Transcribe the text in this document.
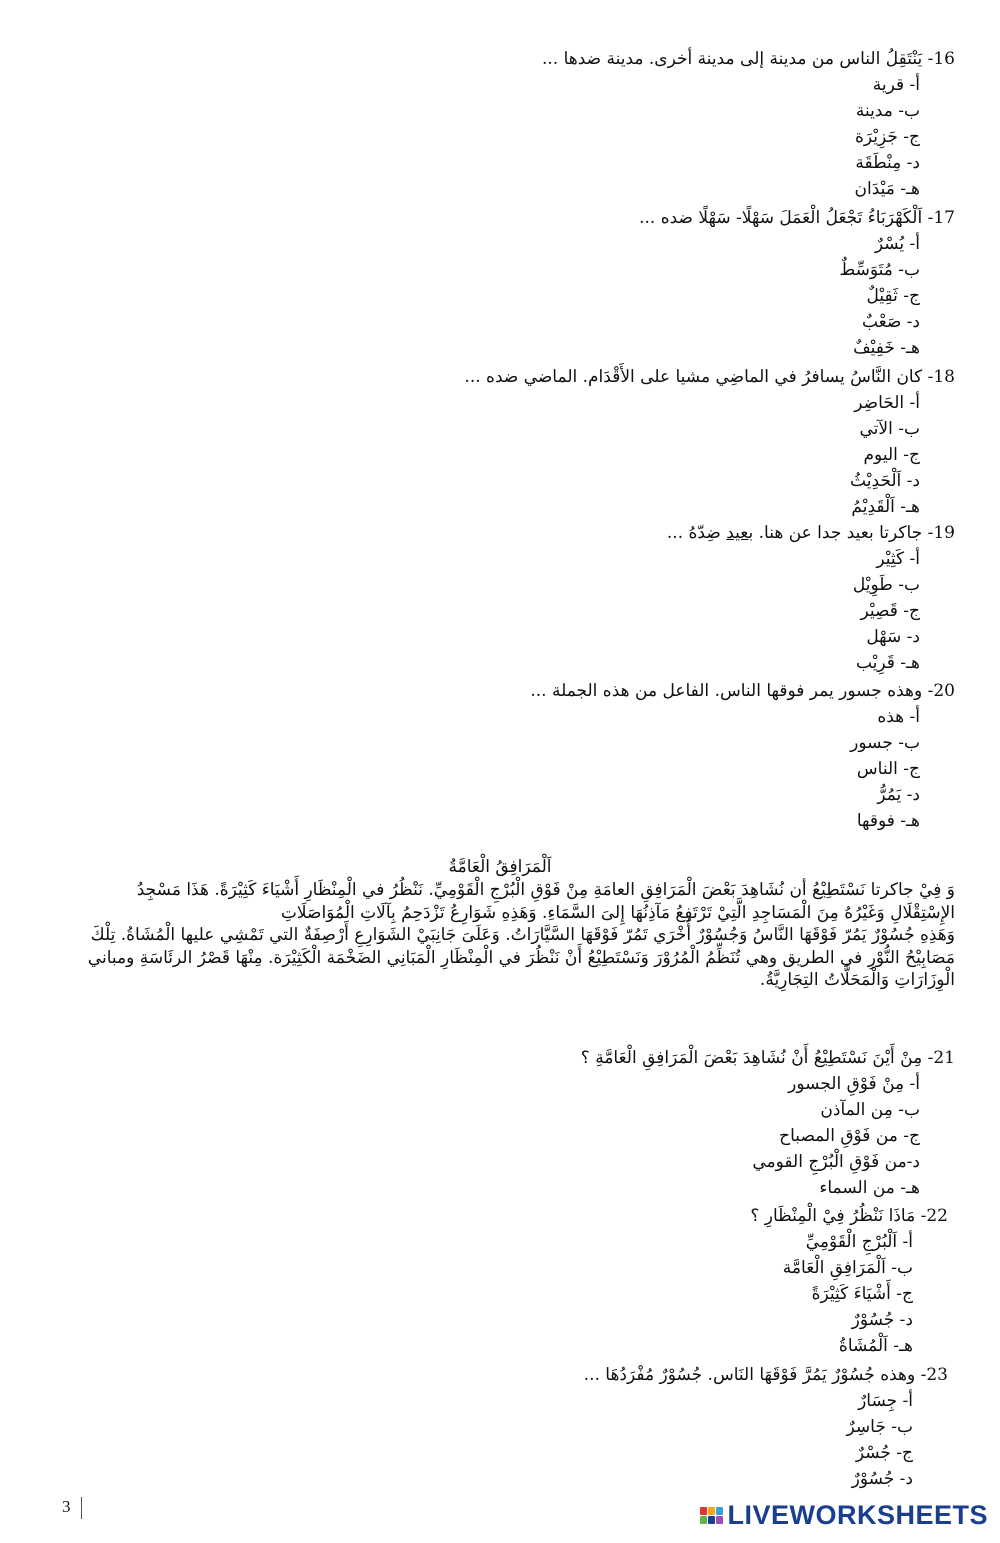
16- يَنْتَقِلُ الناس من مدينة إلى مدينة أخرى. مدينة ضدها ...
أ- قرية
ب- مدينة
ج- جَزِيْرَة
د- مِنْطَقَة
هـ- مَيْدَان
17- اَلْكَهْرَبَاءُ تَجْعَلُ الْعَمَلَ سَهْلًا- سَهْلًا ضده ...
أ- يُسْرٌ
ب- مُتَوَسِّطٌ
ج- ثَقِيْلٌ
د- صَعْبٌ
هـ- خَفِيْفٌ
18- كان النَّاسُ يسافرُ في الماضِي مشيا على الأَقْدَام. الماضي ضده ...
أ- الحَاضِر
ب- الآتي
ج- اليوم
د- اَلْحَدِيْثُ
هـ- اَلْقَدِيْمُ
19- جاكرتا بعيد جدا عن هنا. بعيد ضِدّهُ ...
أ- كَثِيْر
ب- طَوِيْل
ج- قَصِيْر
د- سَهْل
هـ- قَرِيْب
20- وهذه جسور يمر فوقها الناس. الفاعل من هذه الجملة ...
أ- هذه
ب- جسور
ج- الناس
د- يَمُرُّ
هـ- فوقها
اَلْمَرَافِقُ الْعَامَّةُ
وَ فِيْ جاكرتا نَسْتَطِيْعُ أن نُشَاهِدَ بَعْضَ الْمَرَافِقِ العامَةِ مِنْ فَوْقِ الْبُرْجِ الْقَوْمِيِّ. نَنْظُرُ في الْمِنْظَارِ أَشْيَاءَ كَثِيْرَةً. هَذَا مَسْجِدُ
الإِسْتِقْلَالِ وَغَيْرُهُ مِنَ الْمَسَاجِدِ الَّتِيْ تَرْتَفِعُ مَآذِنُهَا إِلىَ السَّمَاءِ. وَهَذِهِ شَوَارِعُ تَزْدَحِمُ بِآلَاتِ الْمُوَاصَلَاتِ
وَهَذِهِ جُسُوْرٌ يَمُرّ فَوْقَهَا النَّاسُ وَجُسُوْرٌ أُخْرَي تَمُرّ فَوْقَهَا السَّيَّارَاتُ. وَعَلَىَ جَانِبَيْ الشَوَارِعِ أَرْصِفَةٌ التي تَمْشِي عليها الْمُشَاةُ. تِلْكَ
مَصَابِيْحُ النُّوْرِ في الطريق وهي تُنَظِّمُ الْمُرُوْرَ وَنَسْتَطِيْعُ أَنْ نَنْظُرَ في الْمِنْظَارِ الْمَبَانِي الضَخْمَة الْكَثِيْرَة. مِنْهَا قَصْرُ الرئَاسَةِ ومباني
الْوِزَارَاتِ وَالْمَحَلَّاتُ التِجَارِيَّةُ.
21- مِنْ أَيْنَ نَسْتَطِيْعُ أَنْ نُشَاهِدَ بَعْضَ الْمَرَافِقِ الْعَامَّةِ ؟
أ- مِنْ فَوْقِ الجسور
ب- مِن المآذن
ج- من فَوْقِ المصباح
د-من فَوْقِ الْبُرْجِ القومي
هـ- من السماء
22- مَاذَا نَنْظُرُ فِيْ الْمِنْظَارِ ؟
أ- اَلْبُرْجِ الْقَوْمِيِّ
ب- اَلْمَرَافِقِ الْعَامَّة
ج- أَشْيَاءَ كَثِيْرَةً
د- جُسُوْرٌ
هـ- اَلْمُشَاةُ
23- وهذه جُسُوْرٌ يَمُرَّ فَوْقَهَا النَاس. جُسُوْرٌ مُفْرَدُهَا ...
أ- جِسَارٌ
ب- جَاسِرٌ
ج- جُسْرٌ
د- جُسُوْرٌ
3	LIVEWORKSHEETS
